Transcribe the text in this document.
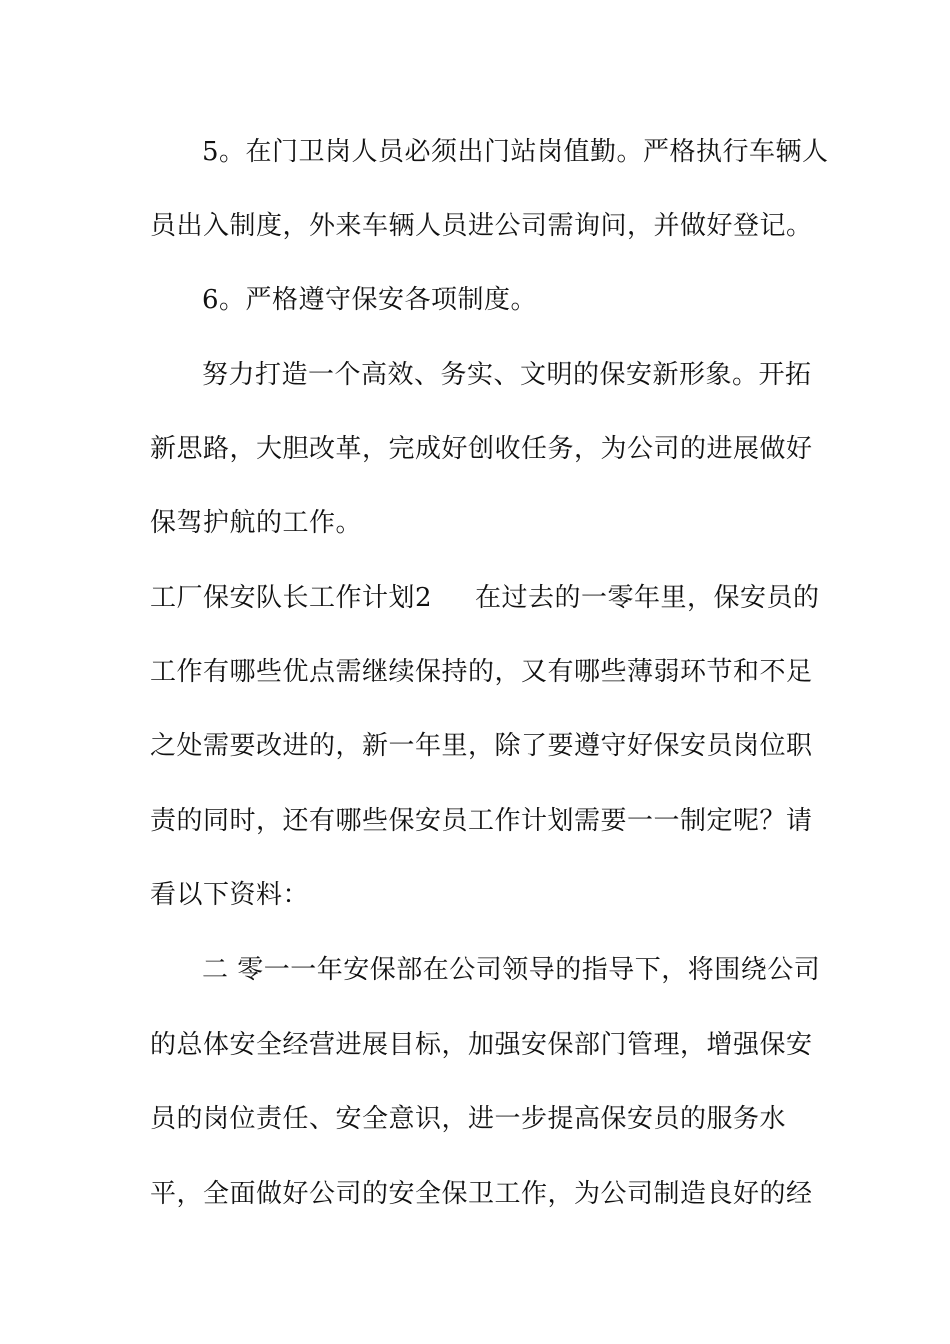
5。在门卫岗人员必须出门站岗值勤。严格执行车辆人
员出入制度，外来车辆人员进公司需询问，并做好登记。
6。严格遵守保安各项制度。
努力打造一个高效、务实、文明的保安新形象。开拓
新思路，大胆改革，完成好创收任务，为公司的进展做好
保驾护航的工作。
工厂保安队长工作计划2 在过去的一零年里，保安员的
工作有哪些优点需继续保持的，又有哪些薄弱环节和不足
之处需要改进的，新一年里，除了要遵守好保安员岗位职
责的同时，还有哪些保安员工作计划需要一一制定呢？请
看以下资料：
二 零一一年安保部在公司领导的指导下，将围绕公司
的总体安全经营进展目标，加强安保部门管理，增强保安
员的岗位责任、安全意识，进一步提高保安员的服务水
平，全面做好公司的安全保卫工作，为公司制造良好的经
